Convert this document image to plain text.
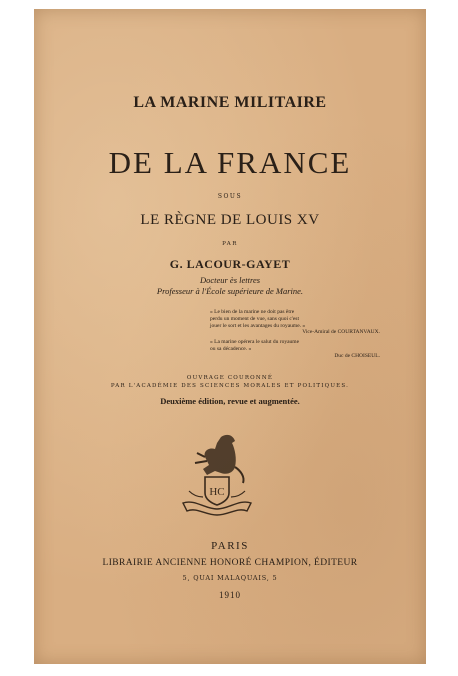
LA MARINE MILITAIRE
DE LA FRANCE
SOUS
LE RÈGNE DE LOUIS XV
PAR
G. LACOUR-GAYET
Docteur ès lettres
Professeur à l'École supérieure de Marine.
« Le bien de la marine ne doit pas être
perdu un moment de vue, sans quoi c'est
jouer le sort et les avantages du royaume. »
Vice-Amiral de COURTANVAUX.
« La marine opérera le salut du royaume
ou sa décadence. »
Duc de CHOISEUL.
OUVRAGE COURONNÉ
PAR L'ACADÉMIE DES SCIENCES MORALES ET POLITIQUES.
Deuxième édition, revue et augmentée.
HC
PARIS
LIBRAIRIE ANCIENNE HONORÉ CHAMPION, ÉDITEUR
5, QUAI MALAQUAIS, 5
1910
